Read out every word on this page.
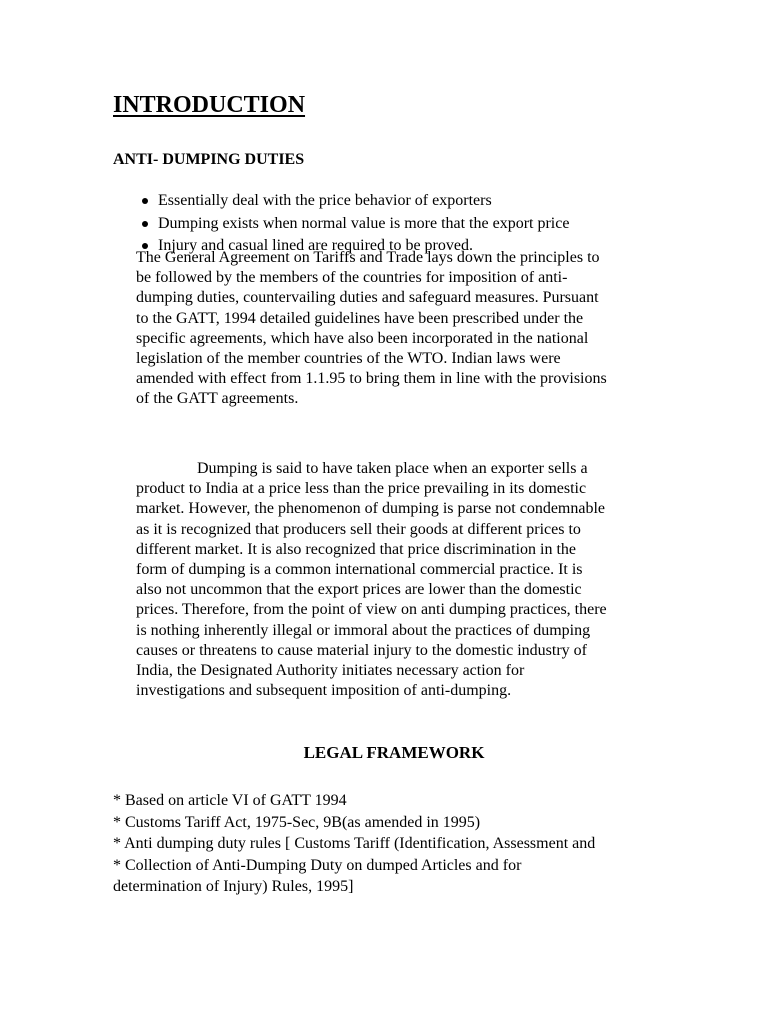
INTRODUCTION
ANTI- DUMPING DUTIES
Essentially deal with the price behavior of exporters
Dumping exists when normal value is more that the export price
Injury and casual lined are required to be proved.

The General Agreement on Tariffs and Trade lays down the principles to
be followed by the members of the countries for imposition of anti-
dumping duties, countervailing duties and safeguard measures. Pursuant
to the GATT, 1994 detailed guidelines have been prescribed under the
specific agreements, which have also been incorporated in the national
legislation of the member countries of the WTO. Indian laws were
amended with effect from 1.1.95 to bring them in line with the provisions
of the GATT agreements.

Dumping is said to have taken place when an exporter sells a
product to India at a price less than the price prevailing in its domestic
market. However, the phenomenon of dumping is parse not condemnable
as it is recognized that producers sell their goods at different prices to
different market. It is also recognized that price discrimination in the
form of dumping is a common international commercial practice. It is
also not uncommon that the export prices are lower than the domestic
prices. Therefore, from the point of view on anti dumping practices, there
is nothing inherently illegal or immoral about the practices of dumping
causes or threatens to cause material injury to the domestic industry of
India, the Designated Authority initiates necessary action for
investigations and subsequent imposition of anti-dumping.

LEGAL FRAMEWORK
* Based on article VI of GATT 1994
* Customs Tariff Act, 1975-Sec, 9B(as amended in 1995)
* Anti dumping duty rules [ Customs Tariff (Identification, Assessment and
* Collection of Anti-Dumping Duty on dumped Articles and for
determination of Injury) Rules, 1995]
